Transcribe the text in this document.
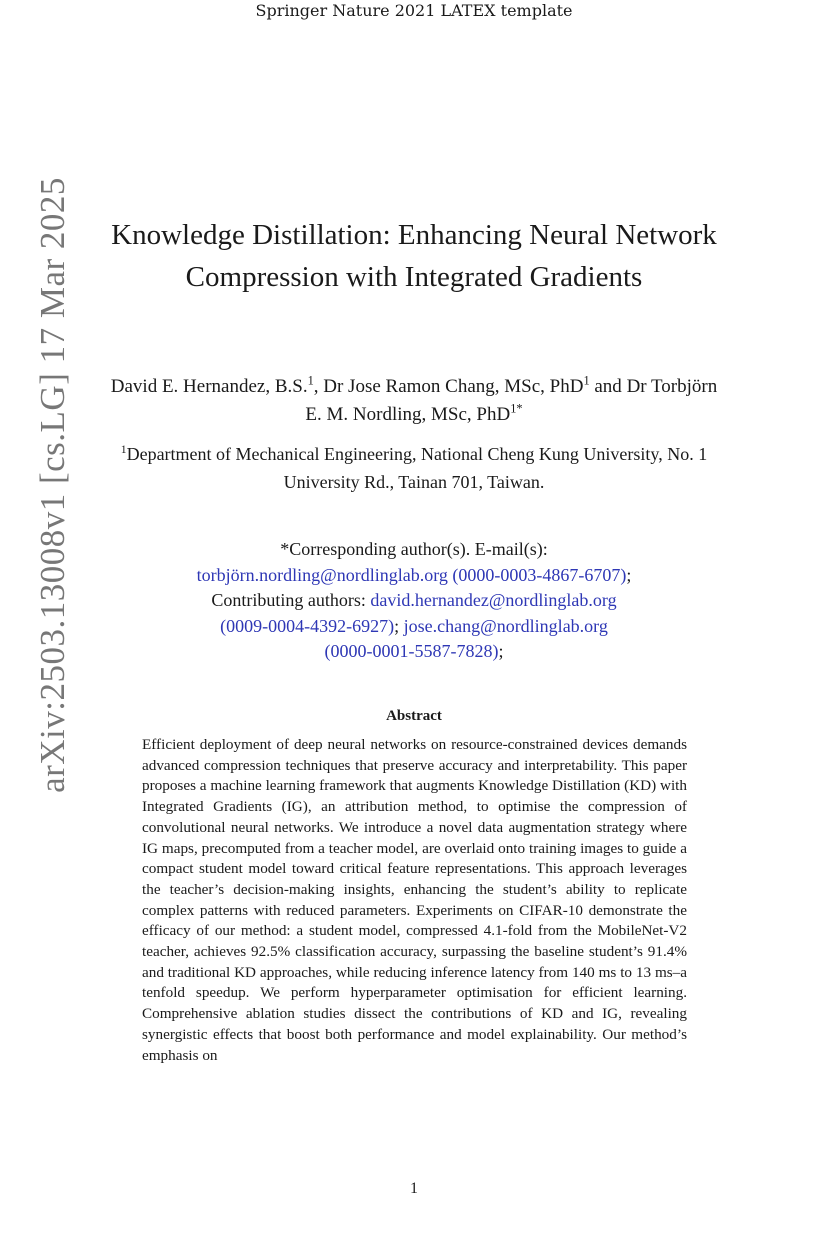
Springer Nature 2021 LATEX template
arXiv:2503.13008v1 [cs.LG] 17 Mar 2025 Knowledge Distillation: Enhancing Neural Network Compression with Integrated Gradients
David E. Hernandez, B.S.$^1$, Dr Jose Ramon Chang, MSc, PhD$^1$ and Dr Torbjörn E. M. Nordling, MSc, PhD$^{1*}$
$^1$Department of Mechanical Engineering, National Cheng Kung University, No. 1 University Rd., Tainan 701, Taiwan.
*Corresponding author(s). E-mail(s):
torbjörn.nordling@nordlinglab.org (0000-0003-4867-6707);
Contributing authors: david.hernandez@nordlinglab.org
(0009-0004-4392-6927); jose.chang@nordlinglab.org
(0000-0001-5587-7828);
Abstract
Efficient deployment of deep neural networks on resource-constrained devices demands advanced compression techniques that preserve accuracy and interpretability. This paper proposes a machine learning framework that augments Knowledge Distillation (KD) with Integrated Gradients (IG), an attribution method, to optimise the compression of convolutional neural networks. We introduce a novel data augmentation strategy where IG maps, precomputed from a teacher model, are overlaid onto training images to guide a compact student model toward critical feature representations. This approach leverages the teacher’s decision-making insights, enhancing the student’s ability to replicate complex patterns with reduced parameters. Experiments on CIFAR-10 demonstrate the efficacy of our method: a student model, compressed 4.1-fold from the MobileNet-V2 teacher, achieves 92.5% classification accuracy, surpassing the baseline student’s 91.4% and traditional KD approaches, while reducing inference latency from 140 ms to 13 ms–a tenfold speedup. We perform hyperparameter optimisation for efficient learning. Comprehensive ablation studies dissect the contributions of KD and IG, revealing synergistic effects that boost both performance and model explainability. Our method’s emphasis on
1
